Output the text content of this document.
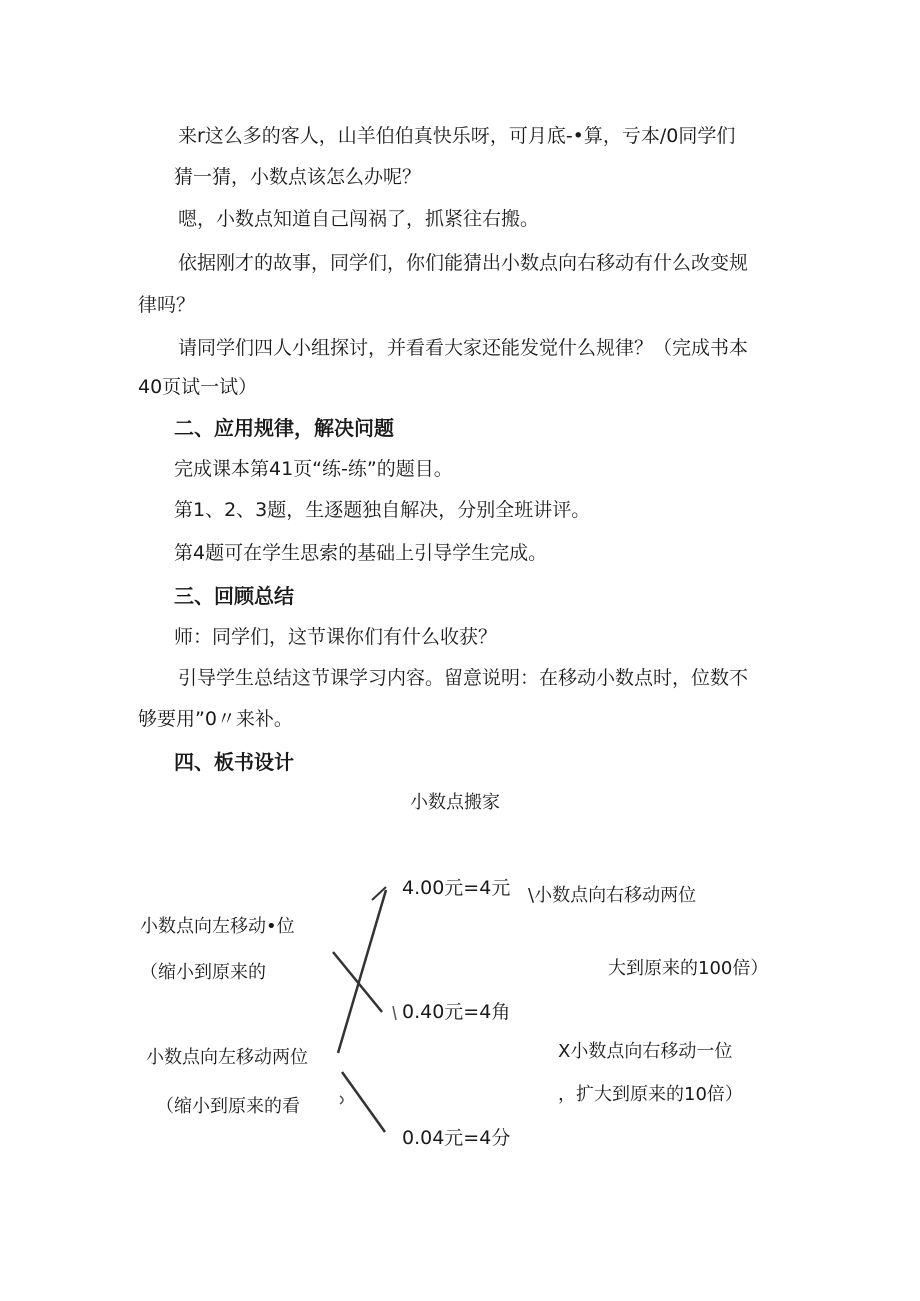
来r这么多的客人，山羊伯伯真快乐呀，可月底-•算，亏本/0同学们
猜一猜，小数点该怎么办呢？
嗯，小数点知道自己闯祸了，抓紧往右搬。
依据刚才的故事，同学们，你们能猜出小数点向右移动有什么改变规
律吗？
请同学们四人小组探讨，并看看大家还能发觉什么规律？（完成书本
40页试一试）
二、应用规律，解决问题
完成课本第41页“练-练”的题目。
第1、2、3题，生逐题独自解决，分别全班讲评。
第4题可在学生思索的基础上引导学生完成。
三、回顾总结
师：同学们，这节课你们有什么收获？
引导学生总结这节课学习内容。留意说明：在移动小数点时，位数不
够要用”0〃来补。
四、板书设计
小数点搬家
4.00元=4元
0.40元=4角
0.04元=4分
小数点向左移动•位
（缩小到原来的
小数点向左移动两位
（缩小到原来的看
\小数点向右移动两位
大到原来的100倍）
X小数点向右移动一位
，扩大到原来的10倍）
